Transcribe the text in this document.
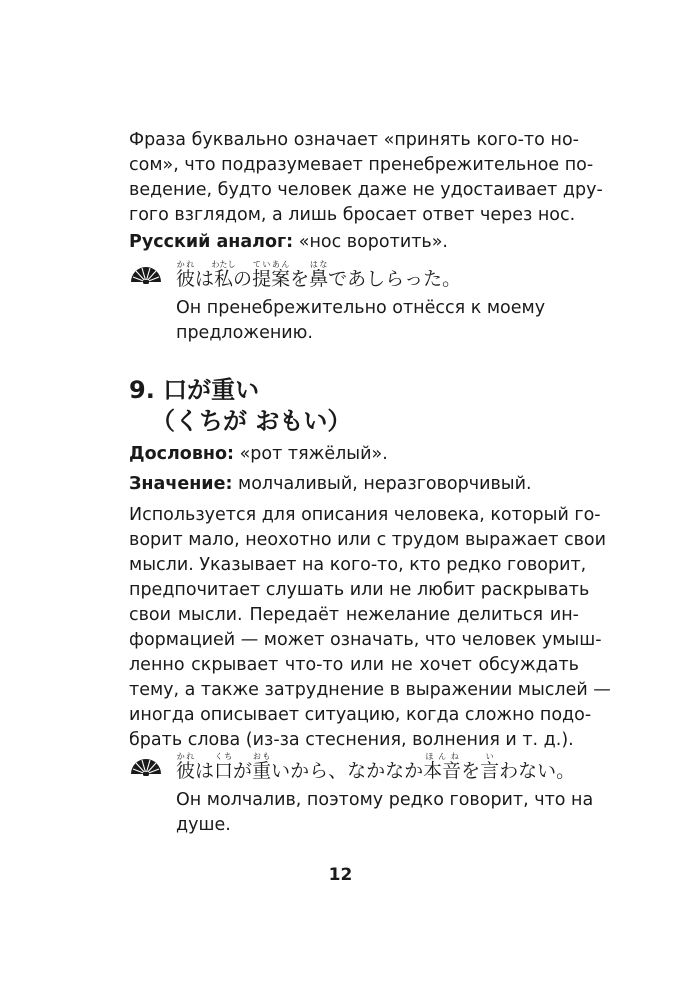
Фраза буквально означает «принять кого-то но-
сом», что подразумевает пренебрежительное по-
ведение, будто человек даже не удостаивает дру-
гого взглядом, а лишь бросает ответ через нос.

Русский аналог: «нос воротить».

彼かれは私わたしの提案ていあんを鼻はなであしらった。

Он пренебрежительно отнёсся к моему
предложению.

9. 口が重い

（くちが おもい）

Дословно: «рот тяжёлый».

Значение: молчаливый, неразговорчивый.

Используется для описания человека, который го-
ворит мало, неохотно или с трудом выражает свои
мысли. Указывает на кого-то, кто редко говорит,
предпочитает слушать или не любит раскрывать
свои мысли. Передаёт нежелание делиться ин-
формацией — может означать, что человек умыш-
ленно скрывает что-то или не хочет обсуждать
тему, а также затруднение в выражении мыслей —
иногда описывает ситуацию, когда сложно подо-
брать слова (из-за стеснения, волнения и т. д.).

彼かれは口くちが重おもいから、なかなか本音ほんねを言いわない。

Он молчалив, поэтому редко говорит, что на
душе.

12
